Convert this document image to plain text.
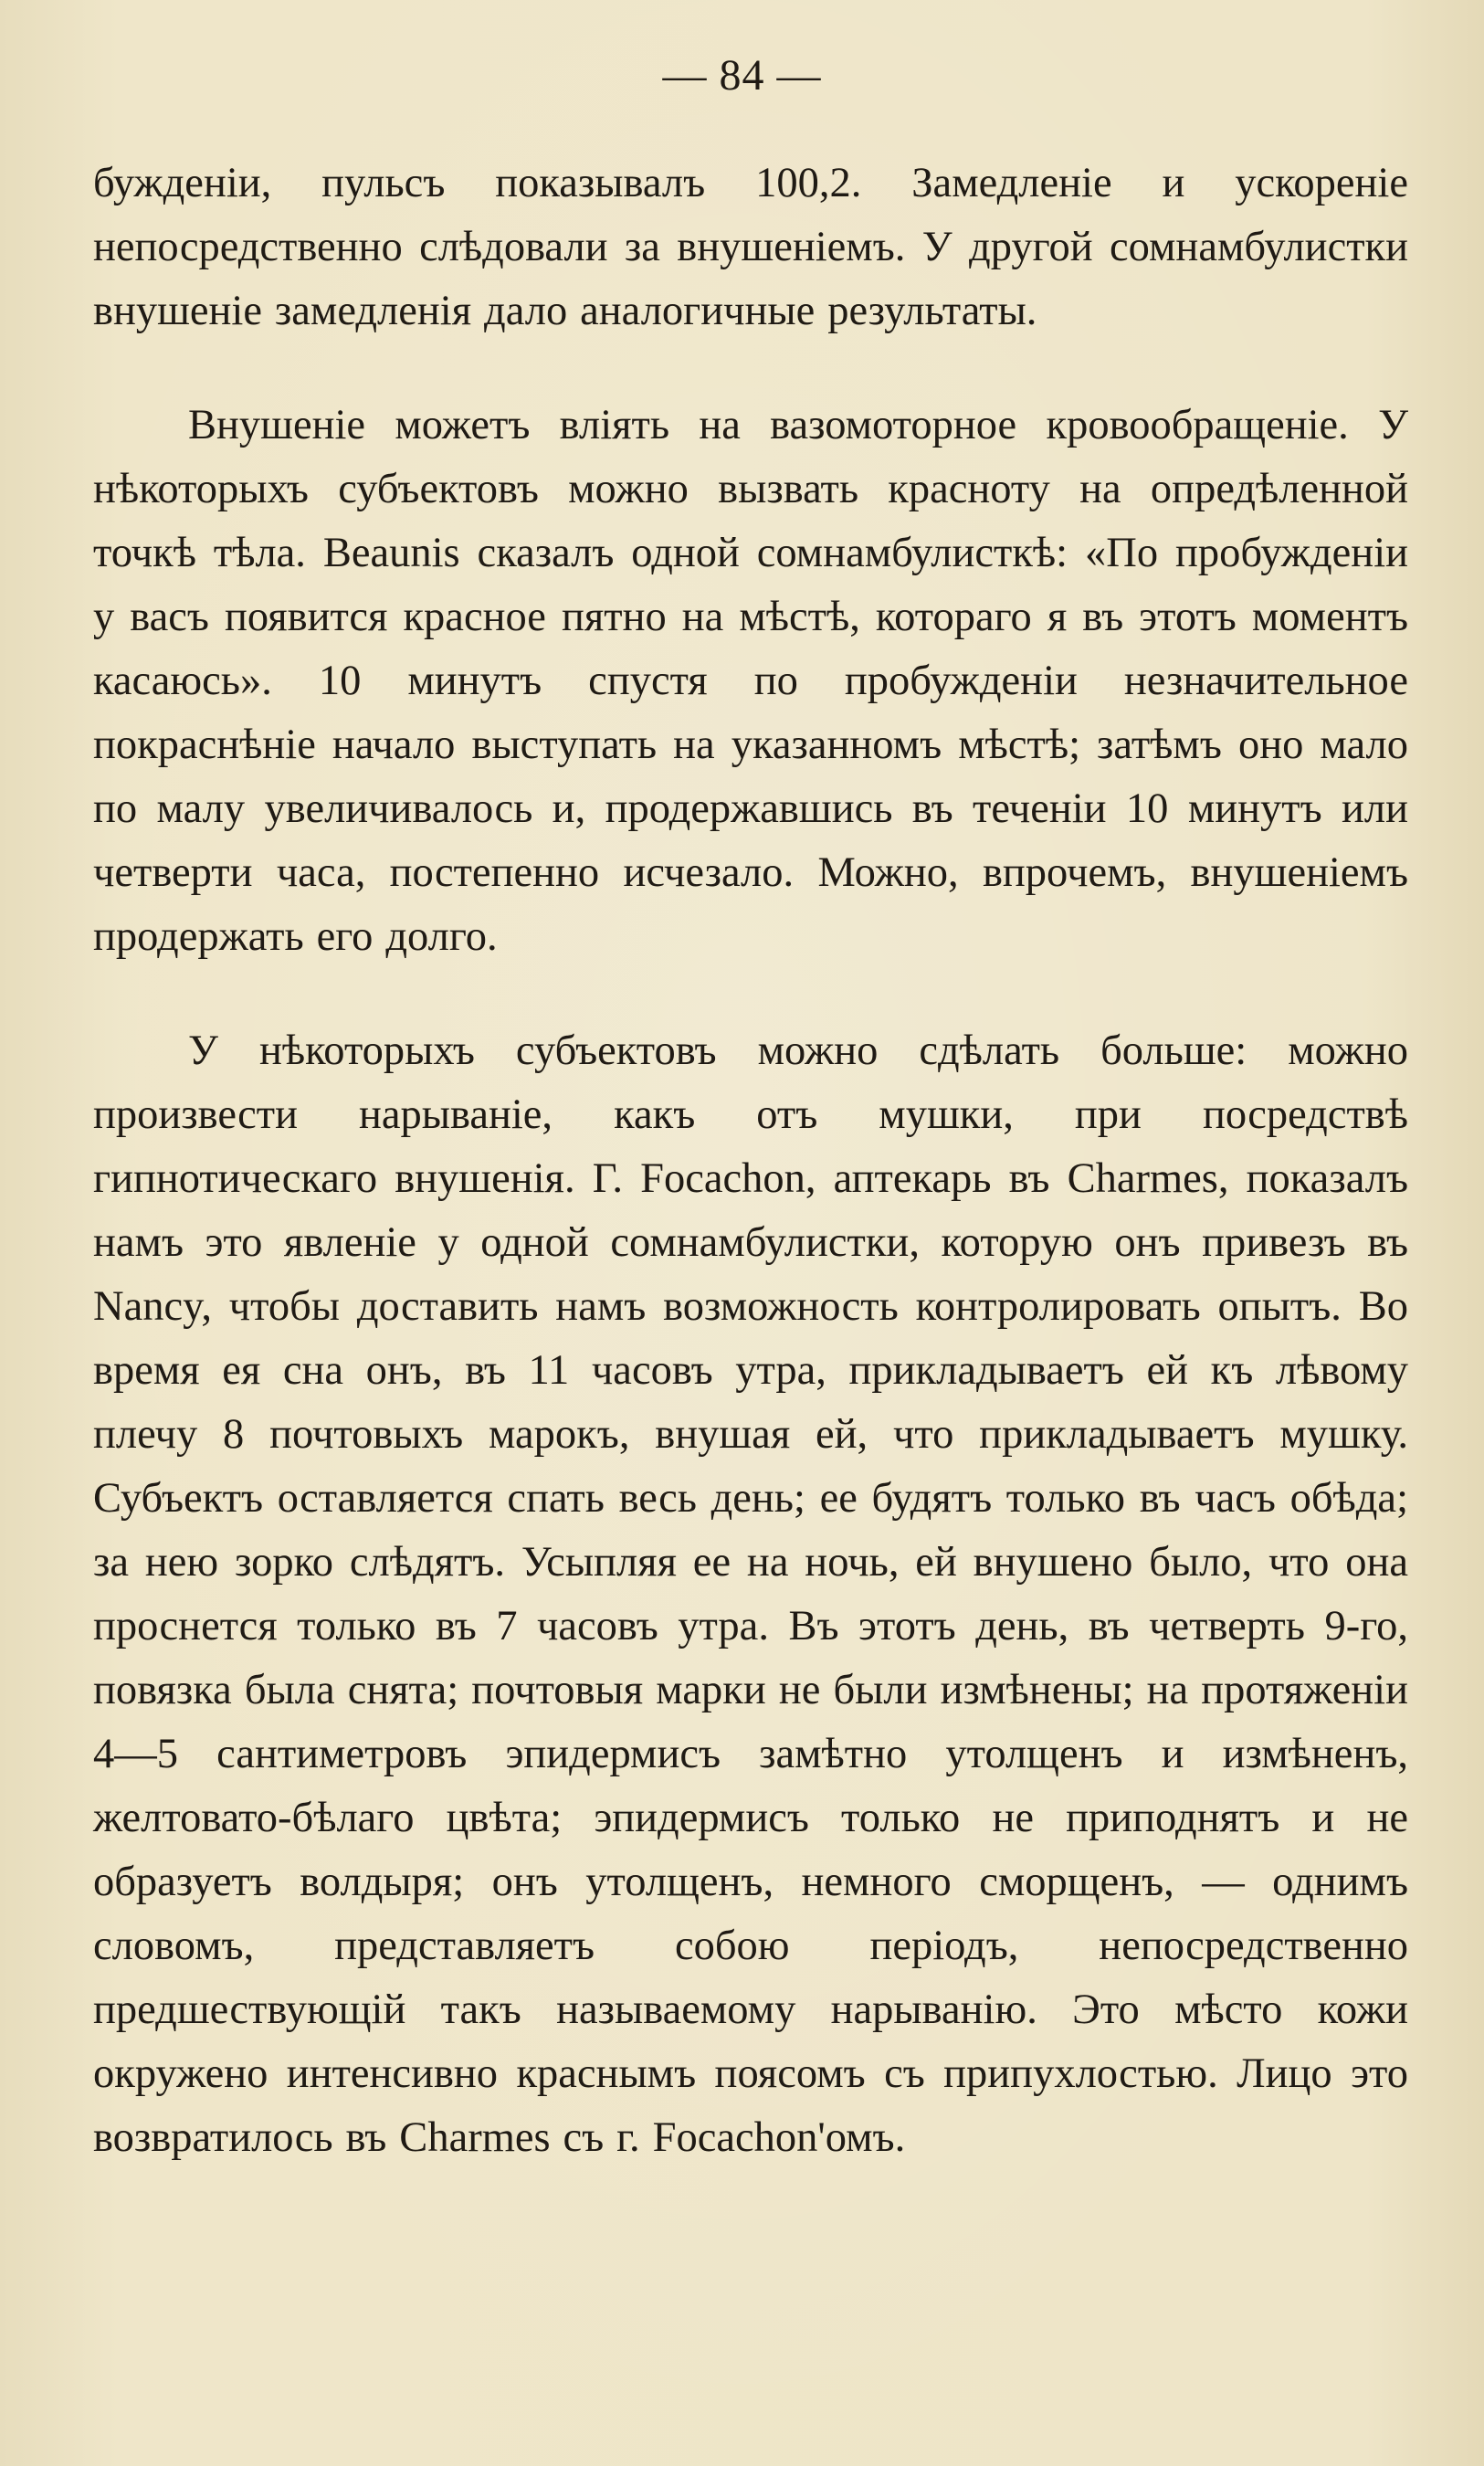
— 84 —

бужденіи, пульсъ показывалъ 100,2. Замедленіе и ускореніе непосредственно слѣдовали за внушеніемъ. У другой сомнамбулистки внушеніе замедленія дало аналогичные результаты.

Внушеніе можетъ влiять на вазомоторное кровообращеніе. У нѣкоторыхъ субъектовъ можно вызвать красноту на опредѣленной точкѣ тѣла. Beaunis сказалъ одной сомнамбулисткѣ: «По пробужденіи у васъ появится красное пятно на мѣстѣ, котораго я въ этотъ моментъ касаюсь». 10 минутъ спустя по пробужденіи незначительное покраснѣніе начало выступать на указанномъ мѣстѣ; затѣмъ оно мало по малу увеличивалось и, продержавшись въ теченіи 10 минутъ или четверти часа, постепенно исчезало. Можно, впрочемъ, внушеніемъ продержать его долго.

У нѣкоторыхъ субъектовъ можно сдѣлать больше: можно произвести нарываніе, какъ отъ мушки, при посредствѣ гипнотическаго внушенія. Г. Focachon, аптекарь въ Charmes, показалъ намъ это явленіе у одной сомнамбулистки, которую онъ привезъ въ Nancy, чтобы доставить намъ возможность контролировать опытъ. Во время ея сна онъ, въ 11 часовъ утра, прикладываетъ ей къ лѣвому плечу 8 почтовыхъ марокъ, внушая ей, что прикладываетъ мушку. Субъектъ оставляется спать весь день; ее будятъ только въ часъ обѣда; за нею зорко слѣдятъ. Усыпляя ее на ночь, ей внушено было, что она проснется только въ 7 часовъ утра. Въ этотъ день, въ четверть 9-го, повязка была снята; почтовыя марки не были измѣнены; на протяженіи 4—5 сантиметровъ эпидермисъ замѣтно утолщенъ и измѣненъ, желтовато-бѣлаго цвѣта; эпидермисъ только не приподнятъ и не образуетъ волдыря; онъ утолщенъ, немного сморщенъ, — однимъ словомъ, представляетъ собою періодъ, непосредственно предшествующій такъ называемому нарыванію. Это мѣсто кожи окружено интенсивно краснымъ поясомъ съ припухлостью. Лицо это возвратилось въ Charmes съ г. Focachon'омъ.
